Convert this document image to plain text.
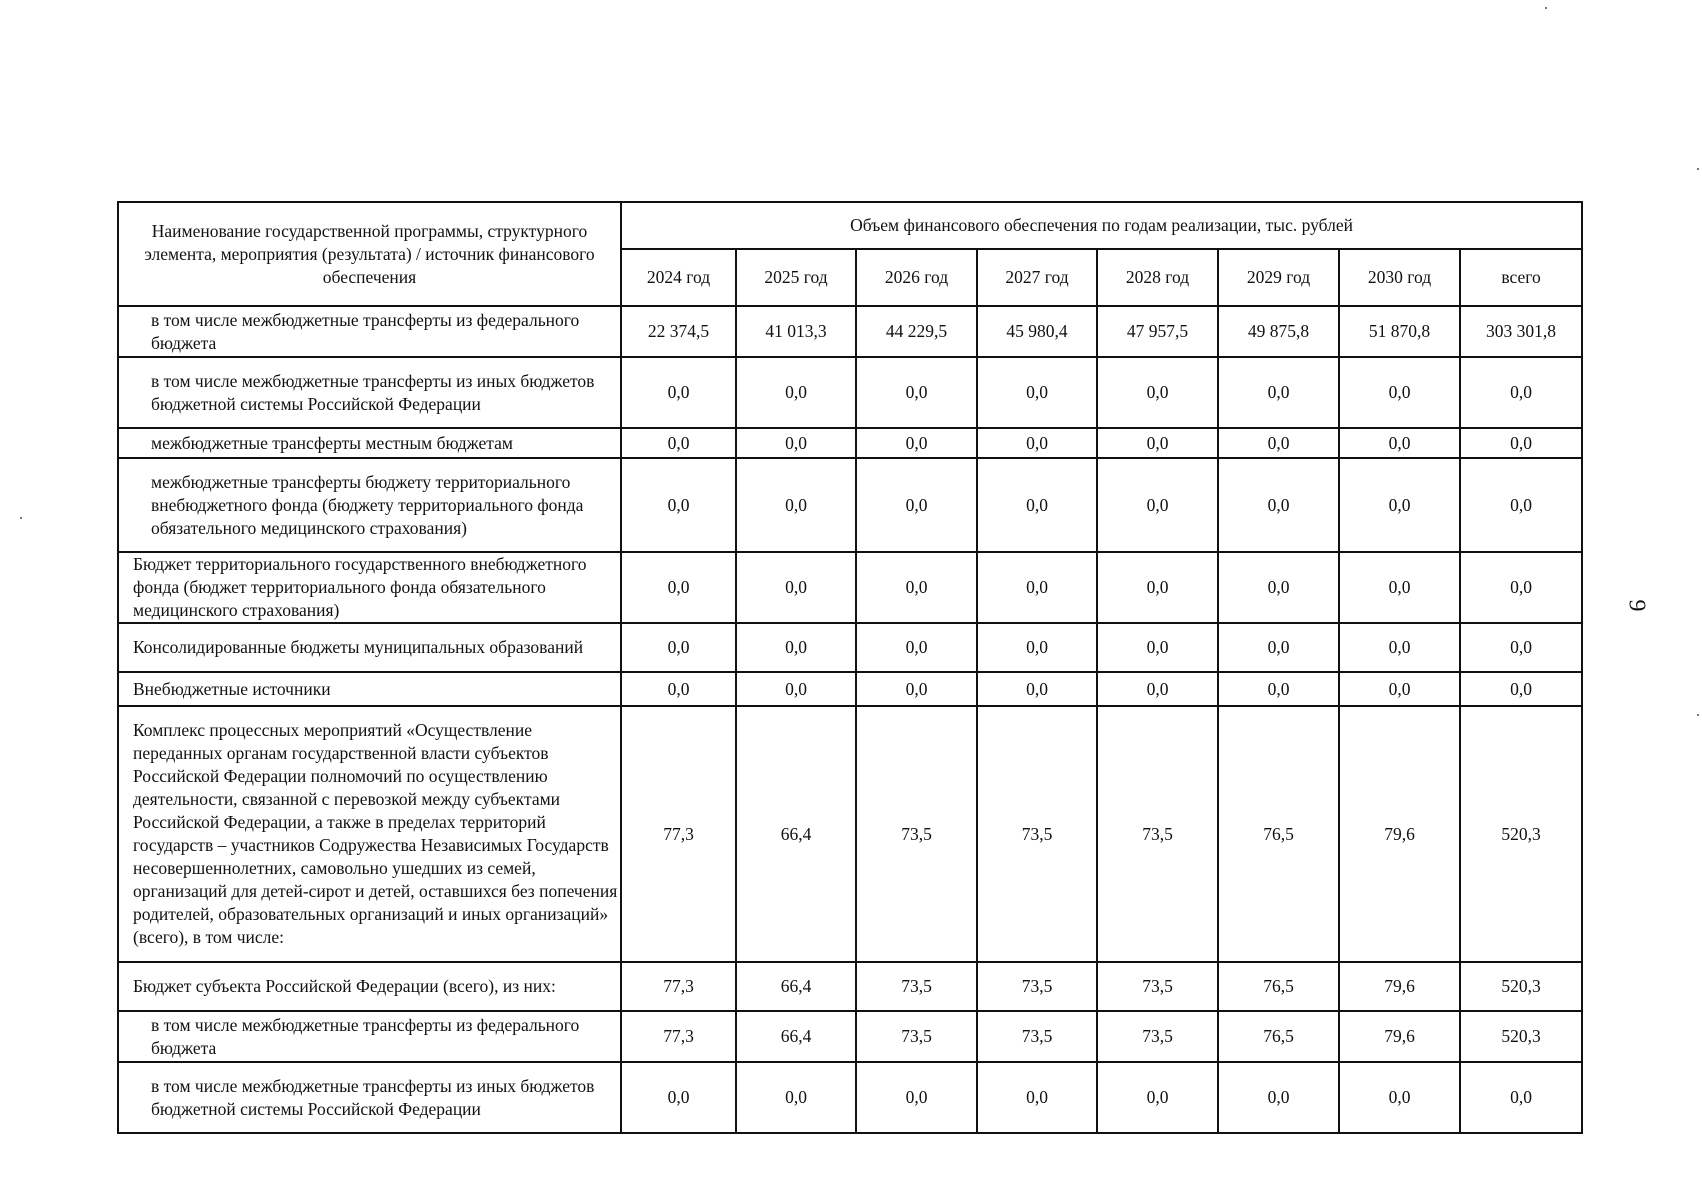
9
Наименование государственной программы, структурного элемента, мероприятия (результата) / источник финансового обеспечения	Объем финансового обеспечения по годам реализации, тыс. рублей							
	2024 год	2025 год	2026 год	2027 год	2028 год	2029 год	2030 год	всего
в том числе межбюджетные трансферты из федерального бюджета	22 374,5	41 013,3	44 229,5	45 980,4	47 957,5	49 875,8	51 870,8	303 301,8
в том числе межбюджетные трансферты из иных бюджетов бюджетной системы Российской Федерации	0,0	0,0	0,0	0,0	0,0	0,0	0,0	0,0
межбюджетные трансферты местным бюджетам	0,0	0,0	0,0	0,0	0,0	0,0	0,0	0,0
межбюджетные трансферты бюджету территориального внебюджетного фонда (бюджету территориального фонда обязательного медицинского страхования)	0,0	0,0	0,0	0,0	0,0	0,0	0,0	0,0
Бюджет территориального государственного внебюджетного фонда (бюджет территориального фонда обязательного медицинского страхования)	0,0	0,0	0,0	0,0	0,0	0,0	0,0	0,0
Консолидированные бюджеты муниципальных образований	0,0	0,0	0,0	0,0	0,0	0,0	0,0	0,0
Внебюджетные источники	0,0	0,0	0,0	0,0	0,0	0,0	0,0	0,0
Комплекс процессных мероприятий «Осуществление переданных органам государственной власти субъектов Российской Федерации полномочий по осуществлению деятельности, связанной с перевозкой между субъектами Российской Федерации, а также в пределах территорий государств – участников Содружества Независимых Государств несовершеннолетних, самовольно ушедших из семей, организаций для детей-сирот и детей, оставшихся без попечения родителей, образовательных организаций и иных организаций» (всего), в том числе:	77,3	66,4	73,5	73,5	73,5	76,5	79,6	520,3
Бюджет субъекта Российской Федерации (всего), из них:	77,3	66,4	73,5	73,5	73,5	76,5	79,6	520,3
в том числе межбюджетные трансферты из федерального бюджета	77,3	66,4	73,5	73,5	73,5	76,5	79,6	520,3
в том числе межбюджетные трансферты из иных бюджетов бюджетной системы Российской Федерации	0,0	0,0	0,0	0,0	0,0	0,0	0,0	0,0
